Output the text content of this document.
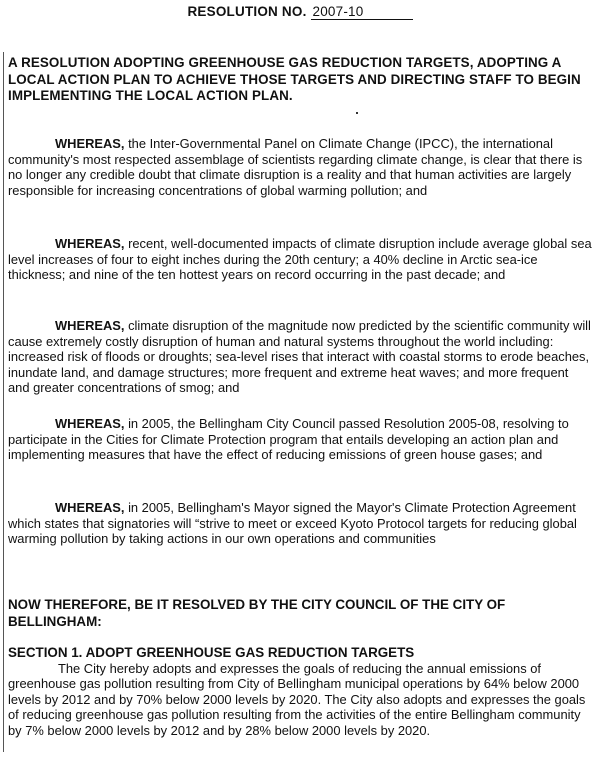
RESOLUTION NO. 2007-10
A RESOLUTION ADOPTING GREENHOUSE GAS REDUCTION TARGETS, ADOPTING A LOCAL ACTION PLAN TO ACHIEVE THOSE TARGETS AND DIRECTING STAFF TO BEGIN IMPLEMENTING THE LOCAL ACTION PLAN.
WHEREAS, the Inter-Governmental Panel on Climate Change (IPCC), the international community's most respected assemblage of scientists regarding climate change, is clear that there is no longer any credible doubt that climate disruption is a reality and that human activities are largely responsible for increasing concentrations of global warming pollution; and
WHEREAS, recent, well-documented impacts of climate disruption include average global sea level increases of four to eight inches during the 20th century; a 40% decline in Arctic sea-ice thickness; and nine of the ten hottest years on record occurring in the past decade; and
WHEREAS, climate disruption of the magnitude now predicted by the scientific community will cause extremely costly disruption of human and natural systems throughout the world including: increased risk of floods or droughts; sea-level rises that interact with coastal storms to erode beaches, inundate land, and damage structures; more frequent and extreme heat waves; and more frequent and greater concentrations of smog; and
WHEREAS, in 2005, the Bellingham City Council passed Resolution 2005-08, resolving to participate in the Cities for Climate Protection program that entails developing an action plan and implementing measures that have the effect of reducing emissions of green house gases; and
WHEREAS, in 2005, Bellingham's Mayor signed the Mayor's Climate Protection Agreement which states that signatories will “strive to meet or exceed Kyoto Protocol targets for reducing global warming pollution by taking actions in our own operations and communities
NOW THEREFORE, BE IT RESOLVED BY THE CITY COUNCIL OF THE CITY OF BELLINGHAM:
SECTION 1. ADOPT GREENHOUSE GAS REDUCTION TARGETS
The City hereby adopts and expresses the goals of reducing the annual emissions of greenhouse gas pollution resulting from City of Bellingham municipal operations by 64% below 2000 levels by 2012 and by 70% below 2000 levels by 2020. The City also adopts and expresses the goals of reducing greenhouse gas pollution resulting from the activities of the entire Bellingham community by 7% below 2000 levels by 2012 and by 28% below 2000 levels by 2020.
